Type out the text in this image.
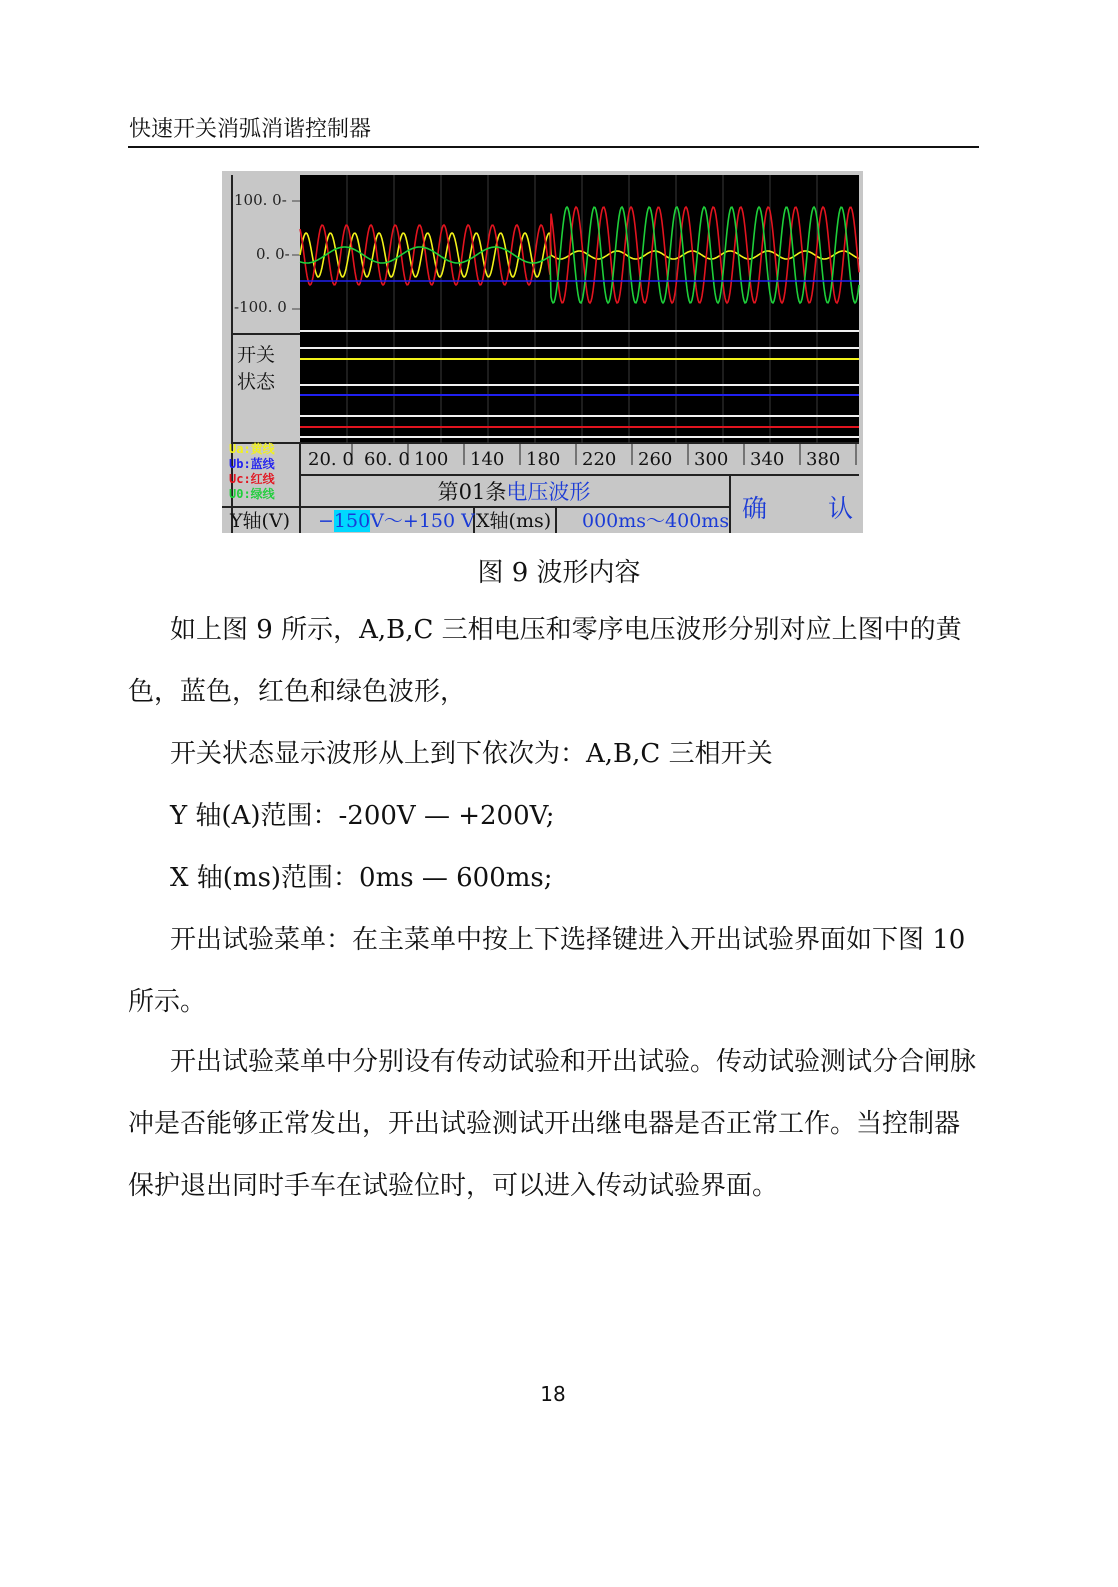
快速开关消弧消谐控制器
100. 0-
0. 0-
-100. 0
开关
状态
Ua:黄线
Ub:蓝线
Uc:红线
U0:绿线
20. 0 60. 0 100 140 180 220 260 300 340 380
第01条电压波形
确 认
Y轴(V) −150V～+150 V X轴(ms) 000ms～400ms
图 9 波形内容
如上图 9 所示，A,B,C 三相电压和零序电压波形分别对应上图中的黄色，蓝色，红色和绿色波形，
开关状态显示波形从上到下依次为：A,B,C 三相开关
Y 轴(A)范围：-200V — +200V;
X 轴(ms)范围：0ms — 600ms;
开出试验菜单：在主菜单中按上下选择键进入开出试验界面如下图 10 所示。
开出试验菜单中分别设有传动试验和开出试验。传动试验测试分合闸脉冲是否能够正常发出，开出试验测试开出继电器是否正常工作。当控制器保护退出同时手车在试验位时，可以进入传动试验界面。
18
